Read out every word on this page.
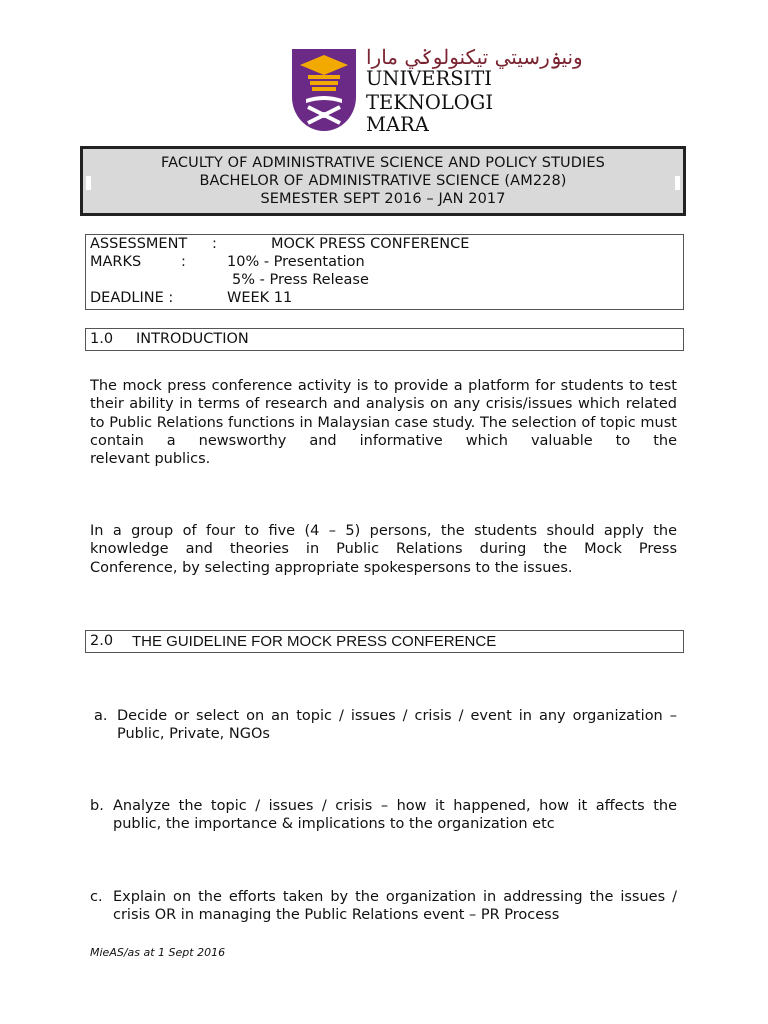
ونيۏرسيتي تيکنولوݢي مارا
UNIVERSITI
TEKNOLOGI
MARA
FACULTY OF ADMINISTRATIVE SCIENCE AND POLICY STUDIES
BACHELOR OF ADMINISTRATIVE SCIENCE (AM228)
SEMESTER SEPT 2016 – JAN 2017
ASSESSMENT :	MOCK PRESS CONFERENCE
MARKS	:	10% - Presentation
5% - Press Release
DEADLINE :	WEEK 11
1.0 INTRODUCTION
The mock press conference activity is to provide a platform for students to test their ability in terms of research and analysis on any crisis/issues which related to Public Relations functions in Malaysian case study. The selection of topic must contain a newsworthy and informative which valuable to the
relevant publics.
In a group of four to five (4 – 5) persons, the students should apply the knowledge and theories in Public Relations during the Mock Press
Conference, by selecting appropriate spokespersons to the issues.
2.0 THE GUIDELINE FOR MOCK PRESS CONFERENCE
a. Decide or select on an topic / issues / crisis / event in any organization –
Public, Private, NGOs
b. Analyze the topic / issues / crisis – how it happened, how it affects the
public, the importance & implications to the organization etc
c. Explain on the efforts taken by the organization in addressing the issues /
crisis OR in managing the Public Relations event – PR Process
MieAS/as at 1 Sept 2016
